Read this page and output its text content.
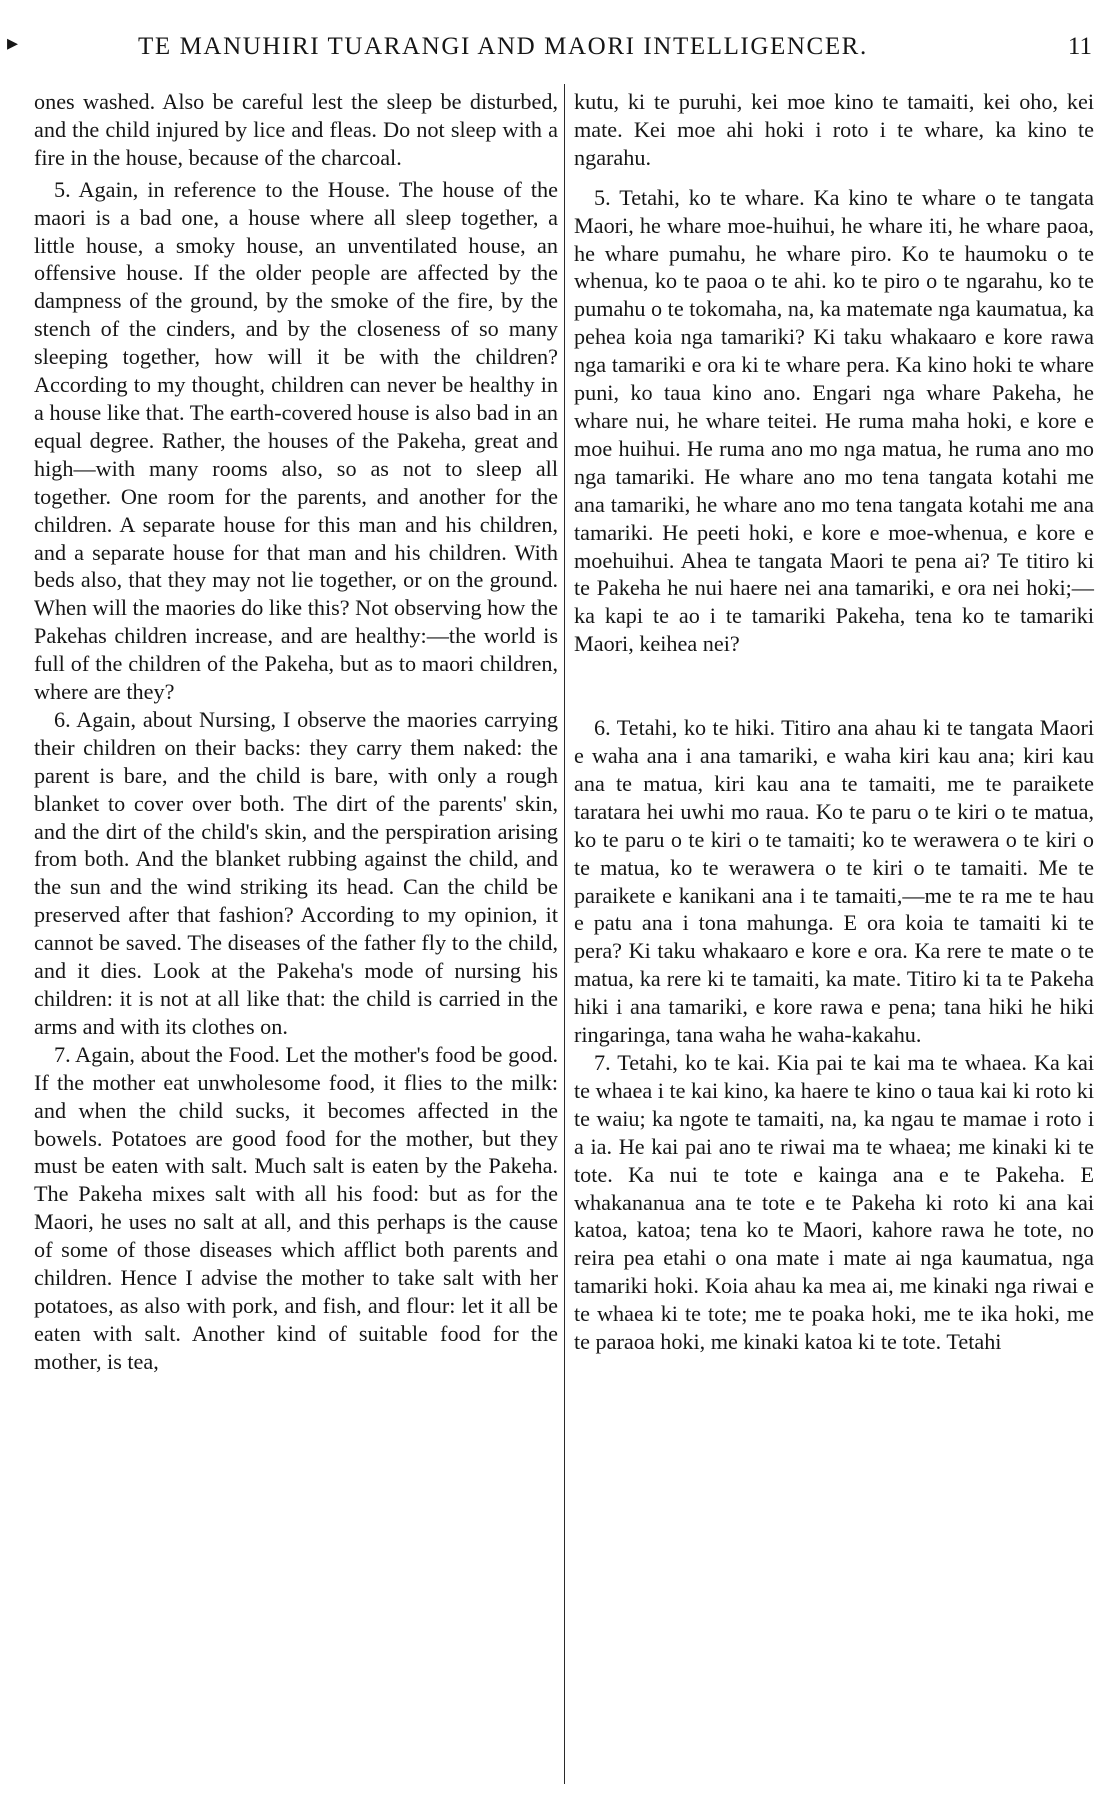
▸	TE MANUHIRI TUARANGI AND MAORI INTELLIGENCER.	11

ones washed. Also be careful lest the sleep be disturbed, and the child injured by lice and fleas. Do not sleep with a fire in the house, because of the charcoal.

5. Again, in reference to the House. The house of the maori is a bad one, a house where all sleep together, a little house, a smoky house, an unventilated house, an offensive house. If the older people are affected by the dampness of the ground, by the smoke of the fire, by the stench of the cinders, and by the closeness of so many sleeping together, how will it be with the children? According to my thought, children can never be healthy in a house like that. The earth-covered house is also bad in an equal degree. Rather, the houses of the Pakeha, great and high—with many rooms also, so as not to sleep all together. One room for the parents, and another for the children. A separate house for this man and his children, and a separate house for that man and his children. With beds also, that they may not lie together, or on the ground. When will the maories do like this? Not observing how the Pakehas children increase, and are healthy:—the world is full of the children of the Pakeha, but as to maori children, where are they?

6. Again, about Nursing, I observe the maories carrying their children on their backs: they carry them naked: the parent is bare, and the child is bare, with only a rough blanket to cover over both. The dirt of the parents' skin, and the dirt of the child's skin, and the perspiration arising from both. And the blanket rubbing against the child, and the sun and the wind striking its head. Can the child be preserved after that fashion? According to my opinion, it cannot be saved. The diseases of the father fly to the child, and it dies. Look at the Pakeha's mode of nursing his children: it is not at all like that: the child is carried in the arms and with its clothes on.

7. Again, about the Food. Let the mother's food be good. If the mother eat unwholesome food, it flies to the milk: and when the child sucks, it becomes affected in the bowels. Potatoes are good food for the mother, but they must be eaten with salt. Much salt is eaten by the Pakeha. The Pakeha mixes salt with all his food: but as for the Maori, he uses no salt at all, and this perhaps is the cause of some of those diseases which afflict both parents and children. Hence I advise the mother to take salt with her potatoes, as also with pork, and fish, and flour: let it all be eaten with salt. Another kind of suitable food for the mother, is tea,

kutu, ki te puruhi, kei moe kino te tamaiti, kei oho, kei mate. Kei moe ahi hoki i roto i te whare, ka kino te ngarahu.

5. Tetahi, ko te whare. Ka kino te whare o te tangata Maori, he whare moe-huihui, he whare iti, he whare paoa, he whare pumahu, he whare piro. Ko te haumoku o te whenua, ko te paoa o te ahi. ko te piro o te ngarahu, ko te pumahu o te tokomaha, na, ka matemate nga kaumatua, ka pehea koia nga tamariki? Ki taku whakaaro e kore rawa nga tamariki e ora ki te whare pera. Ka kino hoki te whare puni, ko taua kino ano. Engari nga whare Pakeha, he whare nui, he whare teitei. He ruma maha hoki, e kore e moe huihui. He ruma ano mo nga matua, he ruma ano mo nga tamariki. He whare ano mo tena tangata kotahi me ana tamariki, he whare ano mo tena tangata kotahi me ana tamariki. He peeti hoki, e kore e moe-whenua, e kore e moehuihui. Ahea te tangata Maori te pena ai? Te titiro ki te Pakeha he nui haere nei ana tamariki, e ora nei hoki;—ka kapi te ao i te tamariki Pakeha, tena ko te tamariki Maori, keihea nei?

6. Tetahi, ko te hiki. Titiro ana ahau ki te tangata Maori e waha ana i ana tamariki, e waha kiri kau ana; kiri kau ana te matua, kiri kau ana te tamaiti, me te paraikete taratara hei uwhi mo raua. Ko te paru o te kiri o te matua, ko te paru o te kiri o te tamaiti; ko te werawera o te kiri o te matua, ko te werawera o te kiri o te tamaiti. Me te paraikete e kanikani ana i te tamaiti,—me te ra me te hau e patu ana i tona mahunga. E ora koia te tamaiti ki te pera? Ki taku whakaaro e kore e ora. Ka rere te mate o te matua, ka rere ki te tamaiti, ka mate. Titiro ki ta te Pakeha hiki i ana tamariki, e kore rawa e pena; tana hiki he hiki ringaringa, tana waha he waha-kakahu.

7. Tetahi, ko te kai. Kia pai te kai ma te whaea. Ka kai te whaea i te kai kino, ka haere te kino o taua kai ki roto ki te waiu; ka ngote te tamaiti, na, ka ngau te mamae i roto i a ia. He kai pai ano te riwai ma te whaea; me kinaki ki te tote. Ka nui te tote e kainga ana e te Pakeha. E whakananua ana te tote e te Pakeha ki roto ki ana kai katoa, katoa; tena ko te Maori, kahore rawa he tote, no reira pea etahi o ona mate i mate ai nga kaumatua, nga tamariki hoki. Koia ahau ka mea ai, me kinaki nga riwai e te whaea ki te tote; me te poaka hoki, me te ika hoki, me te paraoa hoki, me kinaki katoa ki te tote. Tetahi
